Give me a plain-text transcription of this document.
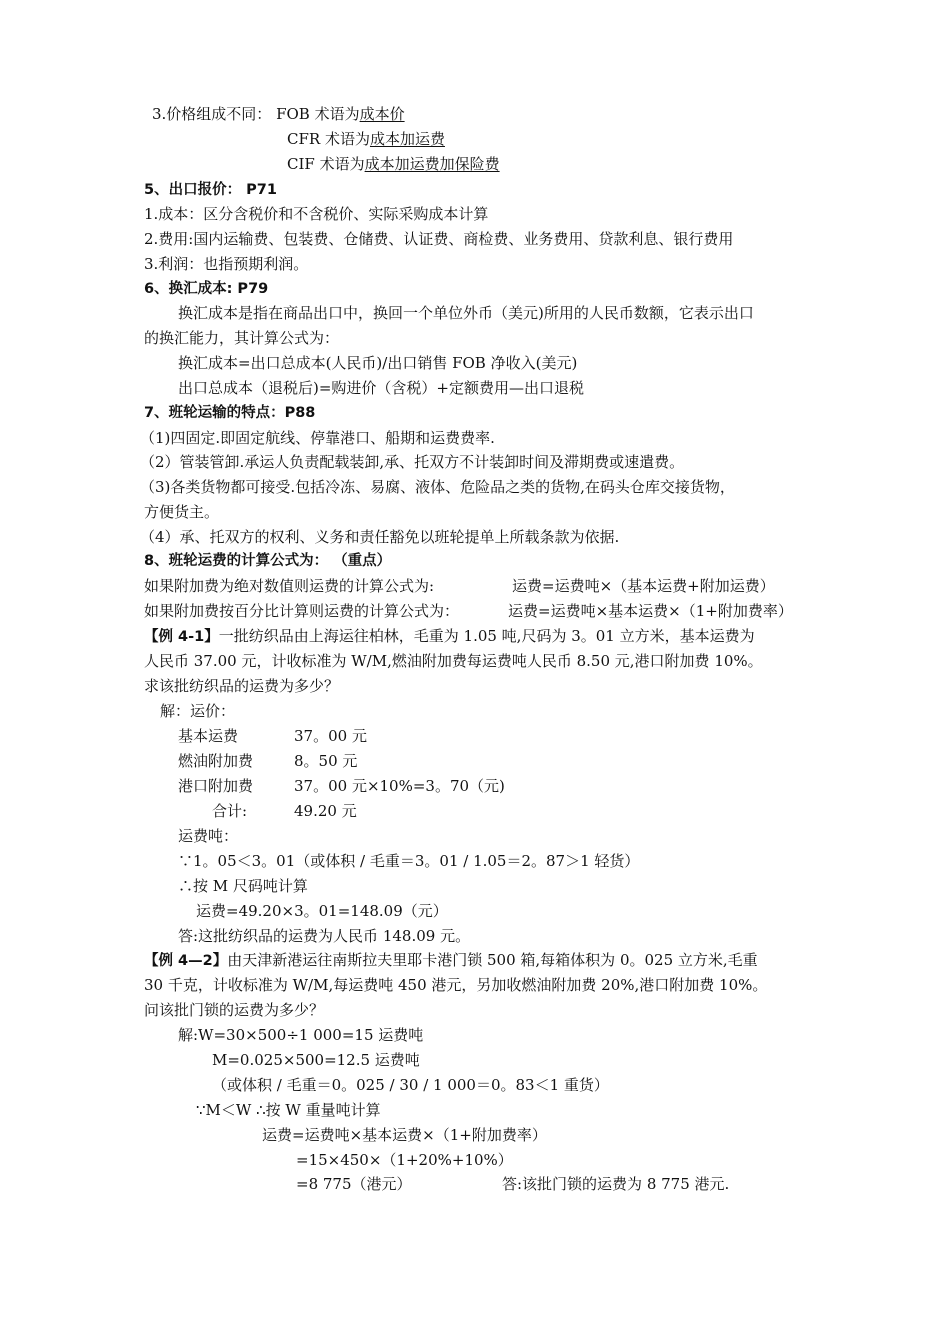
3.价格组成不同： FOB 术语为成本价
CFR 术语为成本加运费
CIF 术语为成本加运费加保险费
5、出口报价： P71
1.成本：区分含税价和不含税价、实际采购成本计算
2.费用:国内运输费、包装费、仓储费、认证费、商检费、业务费用、贷款利息、银行费用
3.利润：也指预期利润。
6、换汇成本: P79
换汇成本是指在商品出口中，换回一个单位外币（美元)所用的人民币数额，它表示出口
的换汇能力，其计算公式为：
换汇成本=出口总成本(人民币)/出口销售 FOB 净收入(美元)
出口总成本（退税后)=购进价（含税）+定额费用—出口退税
7、班轮运输的特点：P88
（1)四固定.即固定航线、停靠港口、船期和运费费率.
（2）管装管卸.承运人负责配载装卸,承、托双方不计装卸时间及滞期费或速遣费。
（3)各类货物都可接受.包括冷冻、易腐、液体、危险品之类的货物,在码头仓库交接货物，
方便货主。
（4）承、托双方的权利、义务和责任豁免以班轮提单上所载条款为依据.
8、班轮运费的计算公式为： （重点）
如果附加费为绝对数值则运费的计算公式为:	运费=运费吨×（基本运费+附加运费）
如果附加费按百分比计算则运费的计算公式为：	运费=运费吨×基本运费×（1+附加费率）
【例 4-1】一批纺织品由上海运往柏林，毛重为 1.05 吨,尺码为 3。01 立方米，基本运费为
人民币 37.00 元，计收标准为 W/M,燃油附加费每运费吨人民币 8.50 元,港口附加费 10%。
求该批纺织品的运费为多少？
解：运价：
基本运费	37。00 元
燃油附加费	8。50 元
港口附加费	37。00 元×10%=3。70（元)
合计:	49.20 元
运费吨：
∵1。05＜3。01（或体积 / 毛重＝3。01 / 1.05＝2。87＞1 轻货）
∴按 M 尺码吨计算
运费=49.20×3。01=148.09（元）
答:这批纺织品的运费为人民币 148.09 元。
【例 4—2】由天津新港运往南斯拉夫里耶卡港门锁 500 箱,每箱体积为 0。025 立方米,毛重
30 千克，计收标准为 W/M,每运费吨 450 港元，另加收燃油附加费 20%,港口附加费 10%。
问该批门锁的运费为多少？
解:W=30×500÷1 000=15 运费吨
M=0.025×500=12.5 运费吨
（或体积 / 毛重＝0。025 / 30 / 1 000＝0。83＜1 重货）
∵M＜W ∴按 W 重量吨计算
运费=运费吨×基本运费×（1+附加费率）
=15×450×（1+20%+10%）
=8 775（港元）	答:该批门锁的运费为 8 775 港元.
